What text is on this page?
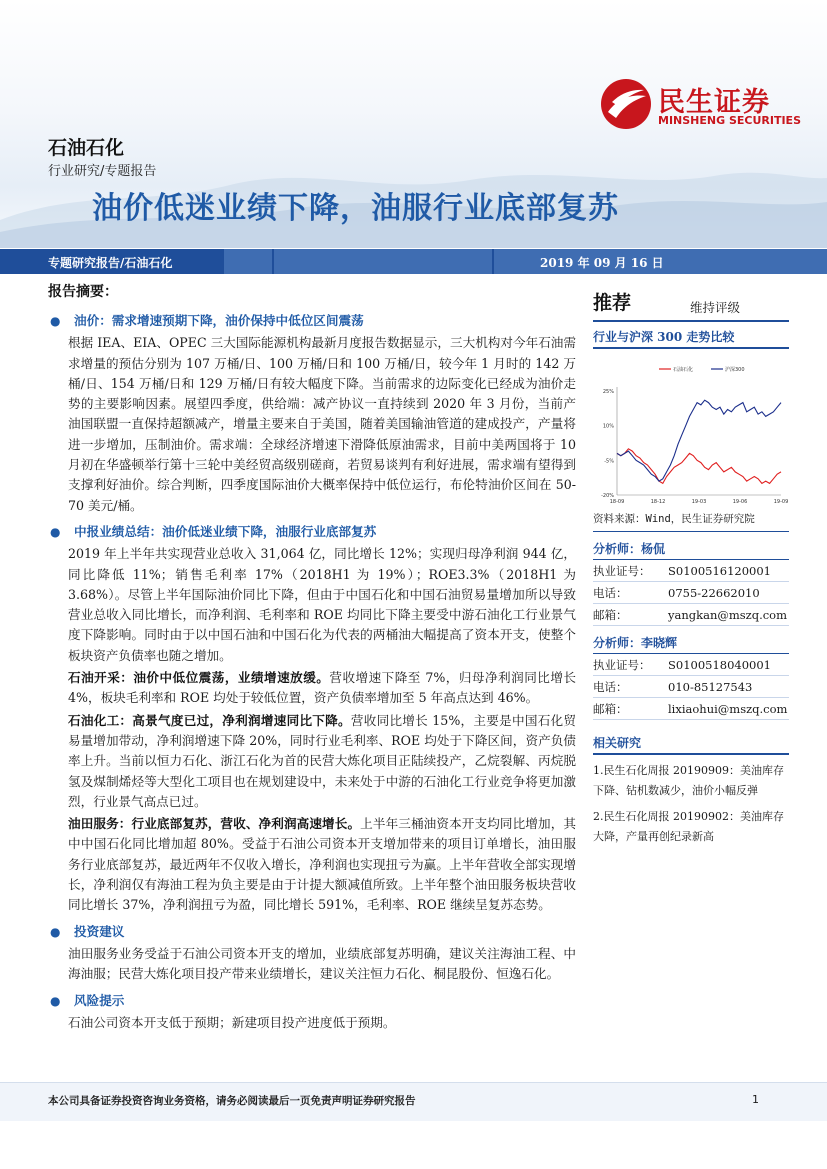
民生证券
MINSHENG SECURITIES
石油石化
行业研究/专题报告
油价低迷业绩下降，油服行业底部复苏
专题研究报告/石油石化	2019 年 09 月 16 日
报告摘要：
● 油价：需求增速预期下降，油价保持中低位区间震荡
根据 IEA、EIA、OPEC 三大国际能源机构最新月度报告数据显示，三大机构对今年石油需求增量的预估分别为 107 万桶/日、100 万桶/日和 100 万桶/日，较今年 1 月时的 142 万桶/日、154 万桶/日和 129 万桶/日有较大幅度下降。当前需求的边际变化已经成为油价走势的主要影响因素。展望四季度，供给端：减产协议一直持续到 2020 年 3 月份，当前产油国联盟一直保持超额减产，增量主要来自于美国，随着美国输油管道的建成投产，产量将进一步增加，压制油价。需求端：全球经济增速下滑降低原油需求，目前中美两国将于 10 月初在华盛顿举行第十三轮中美经贸高级别磋商，若贸易谈判有利好进展，需求端有望得到支撑利好油价。综合判断，四季度国际油价大概率保持中低位运行，布伦特油价区间在 50-70 美元/桶。
● 中报业绩总结：油价低迷业绩下降，油服行业底部复苏
2019 年上半年共实现营业总收入 31,064 亿，同比增长 12%；实现归母净利润 944 亿，同比降低 11%；销售毛利率 17%（2018H1 为 19%）；ROE3.3%（2018H1 为 3.68%）。尽管上半年国际油价同比下降，但由于中国石化和中国石油贸易量增加所以导致营业总收入同比增长，而净利润、毛利率和 ROE 均同比下降主要受中游石油化工行业景气度下降影响。同时由于以中国石油和中国石化为代表的两桶油大幅提高了资本开支，使整个板块资产负债率也随之增加。
石油开采：油价中低位震荡，业绩增速放缓。营收增速下降至 7%，归母净利润同比增长 4%，板块毛利率和 ROE 均处于较低位置，资产负债率增加至 5 年高点达到 46%。
石油化工：高景气度已过，净利润增速同比下降。营收同比增长 15%，主要是中国石化贸易量增加带动，净利润增速下降 20%，同时行业毛利率、ROE 均处于下降区间，资产负债率上升。当前以恒力石化、浙江石化为首的民营大炼化项目正陆续投产，乙烷裂解、丙烷脱氢及煤制烯烃等大型化工项目也在规划建设中，未来处于中游的石油化工行业竞争将更加激烈，行业景气高点已过。
油田服务：行业底部复苏，营收、净利润高速增长。上半年三桶油资本开支均同比增加，其中中国石化同比增加超 80%。受益于石油公司资本开支增加带来的项目订单增长，油田服务行业底部复苏，最近两年不仅收入增长，净利润也实现扭亏为赢。上半年营收全部实现增长，净利润仅有海油工程为负主要是由于计提大额减值所致。上半年整个油田服务板块营收同比增长 37%，净利润扭亏为盈，同比增长 591%，毛利率、ROE 继续呈复苏态势。
● 投资建议
油田服务业务受益于石油公司资本开支的增加，业绩底部复苏明确，建议关注海油工程、中海油服；民营大炼化项目投产带来业绩增长，建议关注恒力石化、桐昆股份、恒逸石化。
● 风险提示
石油公司资本开支低于预期；新建项目投产进度低于预期。
推荐	维持评级
行业与沪深 300 走势比较
25%
10%
-5%
-20%
18-09	18-12	19-03	19-06	19-09
石油石化	沪深300
资料来源：Wind，民生证券研究院
分析师：杨侃
执业证号：	S0100516120001
电话：	0755-22662010
邮箱：	yangkan@mszq.com
分析师：李晓辉
执业证号：	S0100518040001
电话：	010-85127543
邮箱：	lixiaohui@mszq.com
相关研究
1.民生石化周报 20190909：美油库存下降、钻机数减少，油价小幅反弹
2.民生石化周报 20190902：美油库存大降，产量再创纪录新高
本公司具备证券投资咨询业务资格，请务必阅读最后一页免责声明证券研究报告	1
